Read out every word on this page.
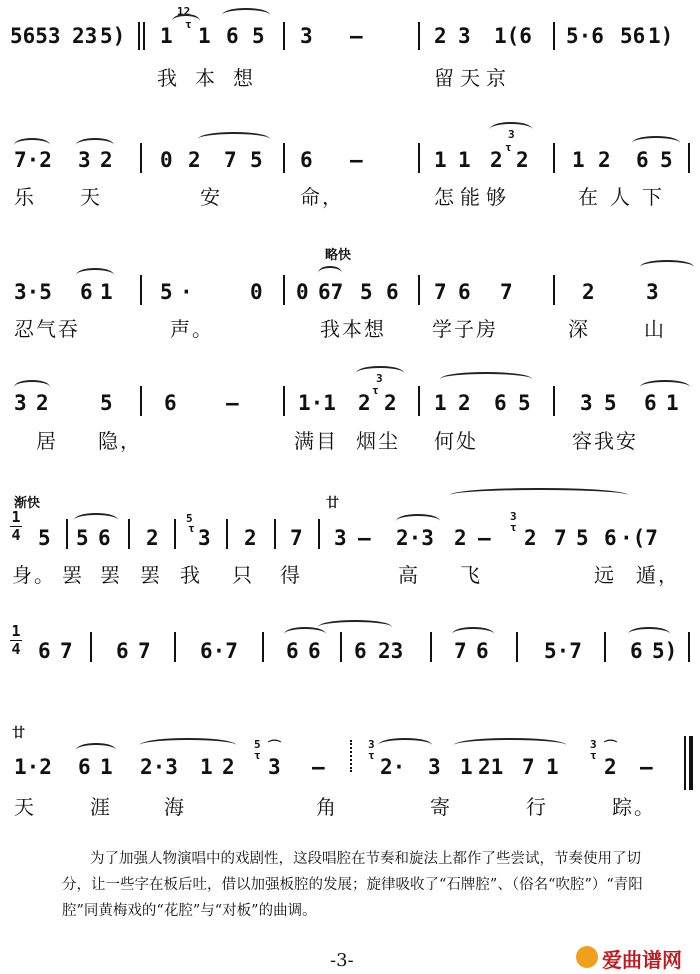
5653 23 5)
12
1 τ 1 6 5 3 —	2 3 1(6 5·6 56 1)
我本想	留天京
7·2 3 2 0 2 7 5 6 —	1 1
3
2
τ
2 1 2 6 5
乐 天	安	命，	怎能够	在人下
略快
3·5 6 1 5 ·	0 0 67 5 6 7 6 7	2 3
忍气吞	声。	我本想 学子房	深	山
3 2 5 6 —	1·1
3
2
τ
2 1 2 6 5 3 5 6 1
居 隐，	满目 烟尘 何处	容我安
渐快	廿
1
4 5 5 6 2
5
τ 3 2 7 3 — 2·3 2 —
3
τ 2 7 5 6 ·(7
身。 罢 罢 罢 我 只 得	高 飞	远 遁，
1
4 6 7 6 7 6·7 6 6 6 23 7 6	5·7 6 5)
廿
1·2 6 1 2·3 1 2
5
τ
⌒
3 —
3
τ 2· 3 1 21 7 1
3
τ
⌒
2 —
天	涯	海	角	寄	行	踪。
为了加强人物演唱中的戏剧性，这段唱腔在节奏和旋法上都作了些尝试，节奏使用了切分，让一些字在板后吐，借以加强板腔的发展；旋律吸收了“石牌腔”、（俗名“吹腔”）“青阳腔”同黄梅戏的“花腔”与“对板”的曲调。
-3-	爱曲谱网
